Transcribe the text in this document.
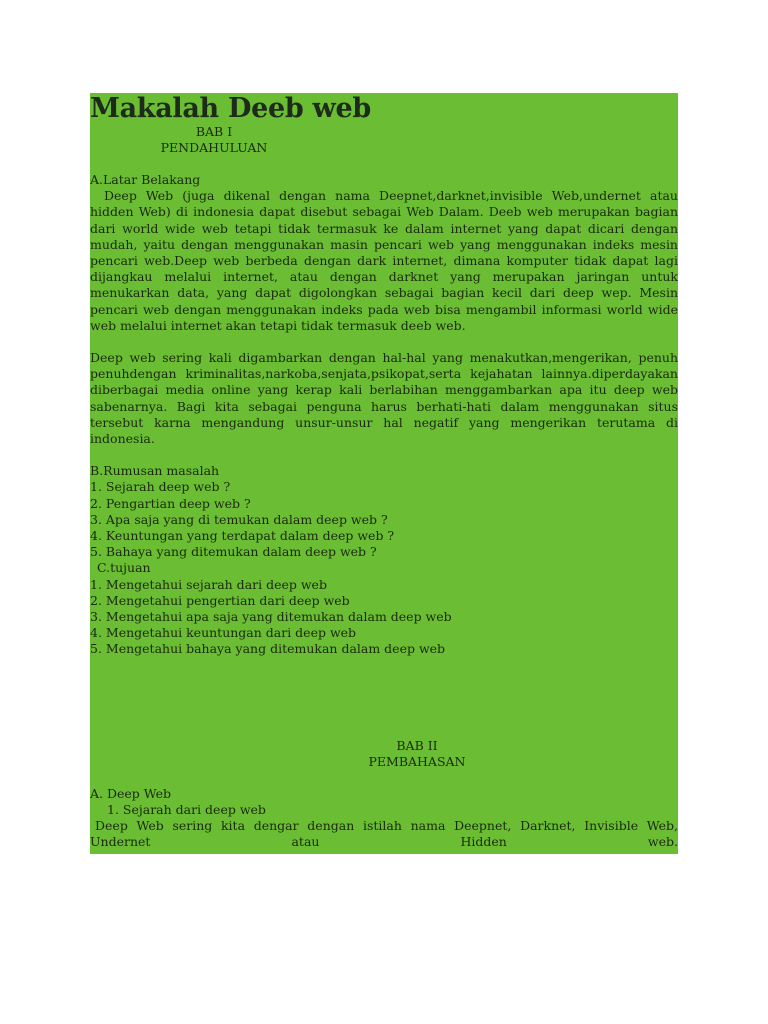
Makalah Deeb web
BAB I
PENDAHULUAN
A.Latar Belakang

Deep Web (juga dikenal dengan nama Deepnet,darknet,invisible Web,undernet atau hidden Web) di indonesia dapat disebut sebagai Web Dalam. Deeb web merupakan bagian dari world wide web tetapi tidak termasuk ke dalam internet yang dapat dicari dengan mudah, yaitu dengan menggunakan masin pencari web yang menggunakan indeks mesin pencari web.Deep web berbeda dengan dark internet, dimana komputer tidak dapat lagi dijangkau melalui internet, atau dengan darknet yang merupakan jaringan untuk menukarkan data, yang dapat digolongkan sebagai bagian kecil dari deep wep. Mesin pencari web dengan menggunakan indeks pada web bisa mengambil informasi world wide web melalui internet akan tetapi tidak termasuk deeb web.

Deep web sering kali digambarkan dengan hal-hal yang menakutkan,mengerikan, penuh penuhdengan kriminalitas,narkoba,senjata,psikopat,serta kejahatan lainnya.diperdayakan diberbagai media online yang kerap kali berlabihan menggambarkan apa itu deep web sabenarnya. Bagi kita sebagai penguna harus berhati-hati dalam menggunakan situs tersebut karna mengandung unsur-unsur hal negatif yang mengerikan terutama di indonesia.

B.Rumusan masalah
1. Sejarah deep web ?
2. Pengartian deep web ?
3. Apa saja yang di temukan dalam deep web ?
4. Keuntungan yang terdapat dalam deep web ?
5. Bahaya yang ditemukan dalam deep web ?
C.tujuan
1. Mengetahui sejarah dari deep web
2. Mengetahui pengertian dari deep web
3. Mengetahui apa saja yang ditemukan dalam deep web
4. Mengetahui keuntungan dari deep web
5. Mengetahui bahaya yang ditemukan dalam deep web
BAB II
PEMBAHASAN
A. Deep Web
1. Sejarah dari deep web

Deep Web sering kita dengar dengan istilah nama Deepnet, Darknet, Invisible Web, Undernet atau Hidden web.
